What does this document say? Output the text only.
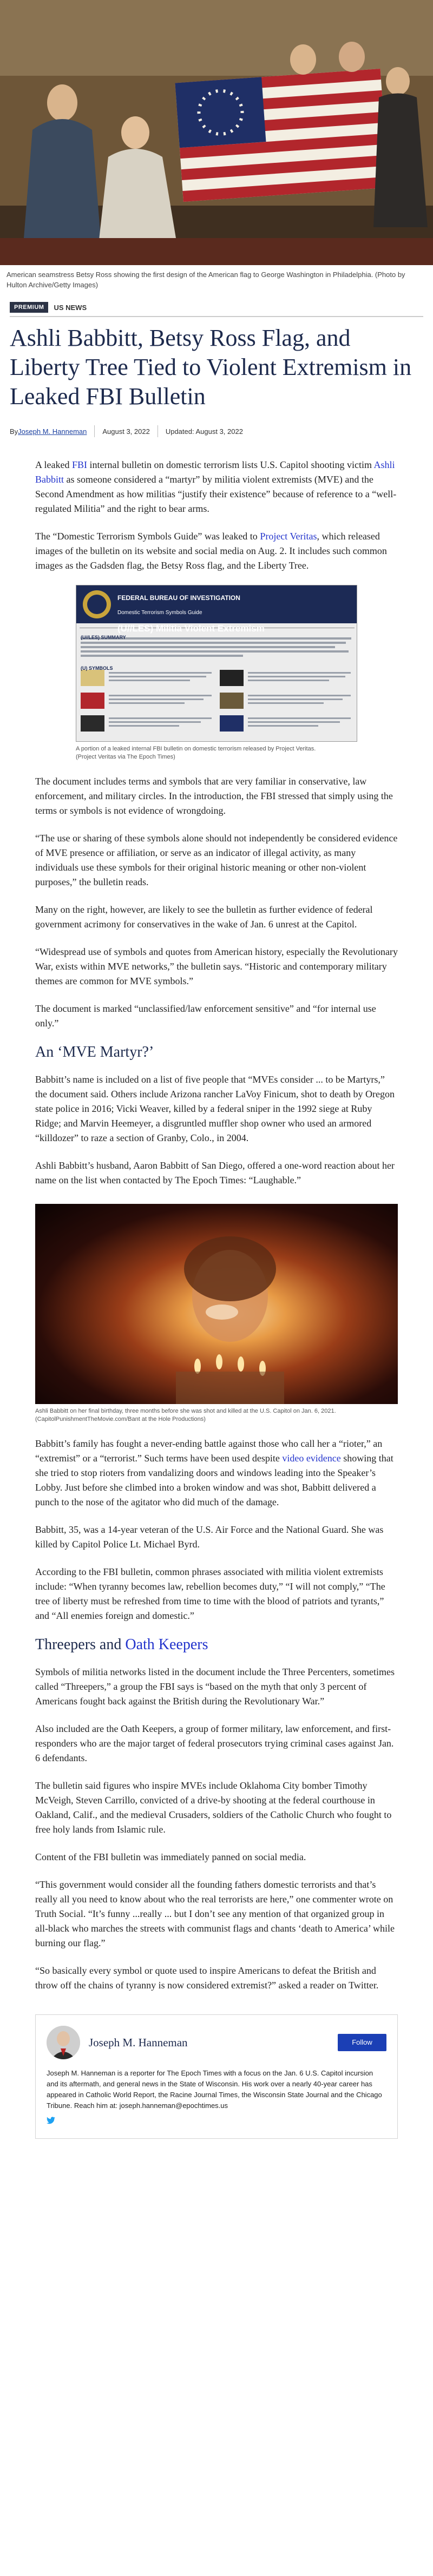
American seamstress Betsy Ross showing the first design of the American flag to George Washington in Philadelphia. (Photo by Hulton Archive/Getty Images)
PREMIUM	US NEWS
Ashli Babbitt, Betsy Ross Flag, and Liberty Tree Tied to Violent Extremism in Leaked FBI Bulletin
By Joseph M. Hanneman August 3, 2022 Updated: August 3, 2022

A leaked FBI internal bulletin on domestic terrorism lists U.S. Capitol shooting victim Ashli Babbitt as someone considered a “martyr” by militia violent extremists (MVE) and the Second Amendment as how militias “justify their existence” because of reference to a “well-regulated Militia” and the right to bear arms.

The “Domestic Terrorism Symbols Guide” was leaked to Project Veritas, which released images of the bulletin on its website and social media on Aug. 2. It includes such common images as the Gadsden flag, the Betsy Ross flag, and the Liberty Tree.

FEDERAL BUREAU OF INVESTIGATION
Domestic Terrorism Symbols Guide
(U//LES) Militia Violent Extremism
(U//LES) SUMMARY
(U) SYMBOLS
A portion of a leaked internal FBI bulletin on domestic terrorism released by Project Veritas. (Project Veritas via The Epoch Times)

The document includes terms and symbols that are very familiar in conservative, law enforcement, and military circles. In the introduction, the FBI stressed that simply using the terms or symbols is not evidence of wrongdoing.

“The use or sharing of these symbols alone should not independently be considered evidence of MVE presence or affiliation, or serve as an indicator of illegal activity, as many individuals use these symbols for their original historic meaning or other non-violent purposes,” the bulletin reads.

Many on the right, however, are likely to see the bulletin as further evidence of federal government acrimony for conservatives in the wake of Jan. 6 unrest at the Capitol.

“Widespread use of symbols and quotes from American history, especially the Revolutionary War, exists within MVE networks,” the bulletin says. “Historic and contemporary military themes are common for MVE symbols.”

The document is marked “unclassified/law enforcement sensitive” and “for internal use only.”

An ‘MVE Martyr?’

Babbitt’s name is included on a list of five people that “MVEs consider ... to be Martyrs,” the document said. Others include Arizona rancher LaVoy Finicum, shot to death by Oregon state police in 2016; Vicki Weaver, killed by a federal sniper in the 1992 siege at Ruby Ridge; and Marvin Heemeyer, a disgruntled muffler shop owner who used an armored “killdozer” to raze a section of Granby, Colo., in 2004.

Ashli Babbitt’s husband, Aaron Babbitt of San Diego, offered a one-word reaction about her name on the list when contacted by The Epoch Times: “Laughable.”

Ashli Babbitt on her final birthday, three months before she was shot and killed at the U.S. Capitol on Jan. 6, 2021. (CapitolPunishmentTheMovie.com/Bant at the Hole Productions)

Babbitt’s family has fought a never-ending battle against those who call her a “rioter,” an “extremist” or a “terrorist.” Such terms have been used despite video evidence showing that she tried to stop rioters from vandalizing doors and windows leading into the Speaker’s Lobby. Just before she climbed into a broken window and was shot, Babbitt delivered a punch to the nose of the agitator who did much of the damage.

Babbitt, 35, was a 14-year veteran of the U.S. Air Force and the National Guard. She was killed by Capitol Police Lt. Michael Byrd.

According to the FBI bulletin, common phrases associated with militia violent extremists include: “When tyranny becomes law, rebellion becomes duty,” “I will not comply,” “The tree of liberty must be refreshed from time to time with the blood of patriots and tyrants,” and “All enemies foreign and domestic.”

Threepers and Oath Keepers

Symbols of militia networks listed in the document include the Three Percenters, sometimes called “Threepers,” a group the FBI says is “based on the myth that only 3 percent of Americans fought back against the British during the Revolutionary War.”

Also included are the Oath Keepers, a group of former military, law enforcement, and first-responders who are the major target of federal prosecutors trying criminal cases against Jan. 6 defendants.

The bulletin said figures who inspire MVEs include Oklahoma City bomber Timothy McVeigh, Steven Carrillo, convicted of a drive-by shooting at the federal courthouse in Oakland, Calif., and the medieval Crusaders, soldiers of the Catholic Church who fought to free holy lands from Islamic rule.

Content of the FBI bulletin was immediately panned on social media.

“This government would consider all the founding fathers domestic terrorists and that’s really all you need to know about who the real terrorists are here,” one commenter wrote on Truth Social. “It’s funny ...really ... but I don’t see any mention of that organized group in all-black who marches the streets with communist flags and chants ‘death to America’ while burning our flag.”

“So basically every symbol or quote used to inspire Americans to defeat the British and throw off the chains of tyranny is now considered extremist?” asked a reader on Twitter.

Joseph M. Hanneman	Follow
Joseph M. Hanneman is a reporter for The Epoch Times with a focus on the Jan. 6 U.S. Capitol incursion and its aftermath, and general news in the State of Wisconsin. His work over a nearly 40-year career has appeared in Catholic World Report, the Racine Journal Times, the Wisconsin State Journal and the Chicago Tribune. Reach him at: joseph.hanneman@epochtimes.us
